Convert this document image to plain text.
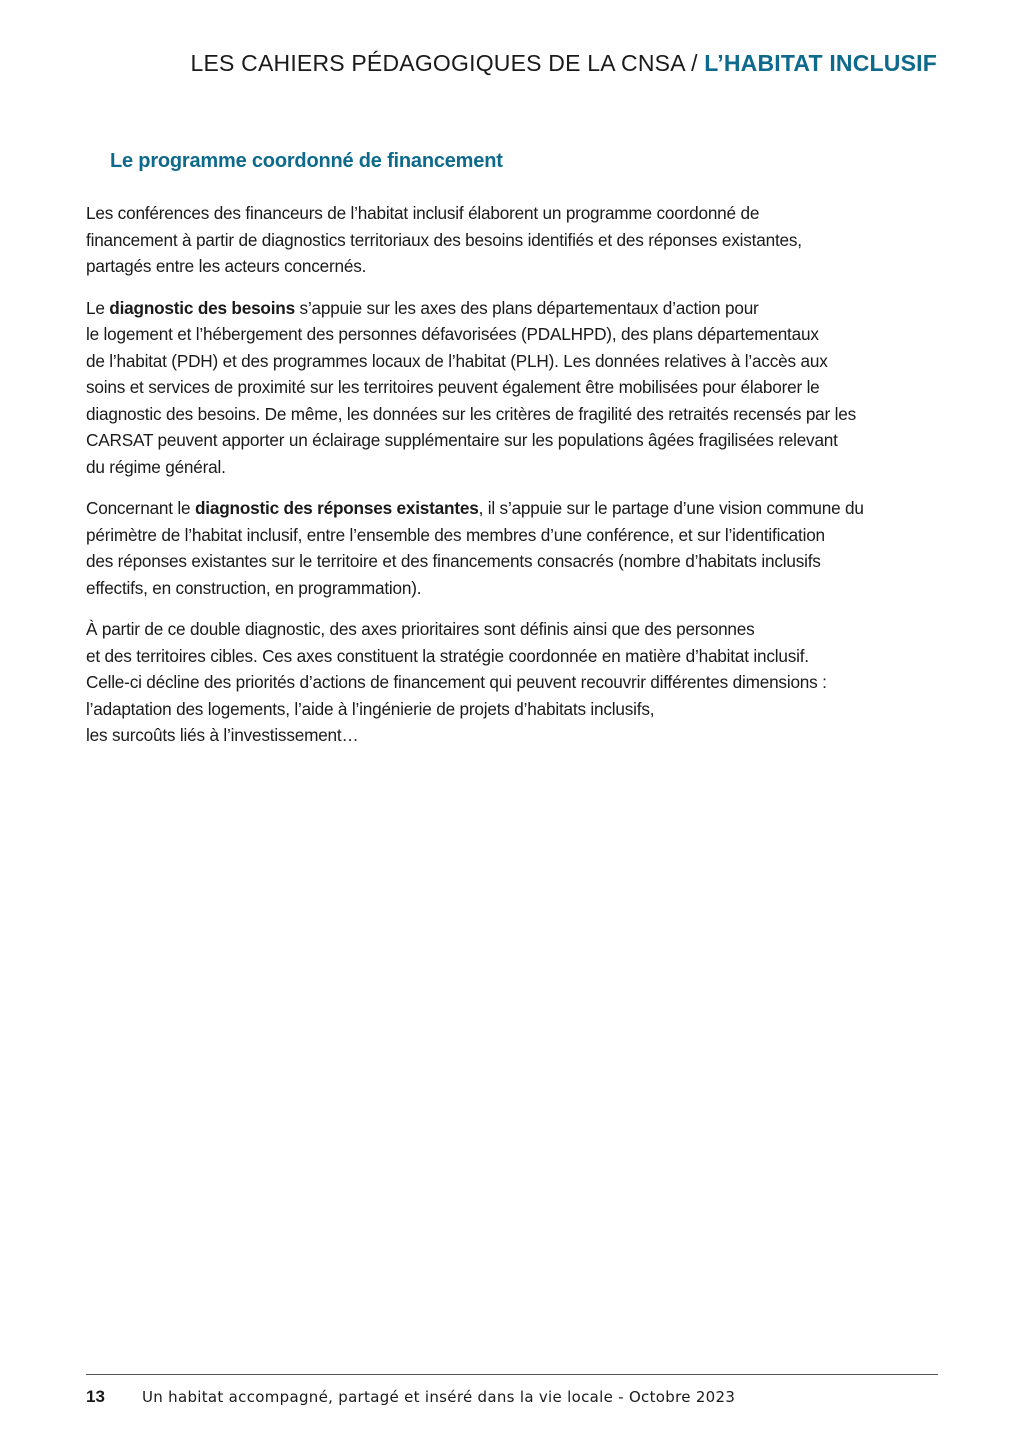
LES CAHIERS PÉDAGOGIQUES DE LA CNSA / L’HABITAT INCLUSIF
Le programme coordonné de financement

Les conférences des financeurs de l’habitat inclusif élaborent un programme coordonné de
financement à partir de diagnostics territoriaux des besoins identifiés et des réponses existantes,
partagés entre les acteurs concernés.

Le diagnostic des besoins s’appuie sur les axes des plans départementaux d’action pour
le logement et l’hébergement des personnes défavorisées (PDALHPD), des plans départementaux
de l’habitat (PDH) et des programmes locaux de l’habitat (PLH). Les données relatives à l’accès aux
soins et services de proximité sur les territoires peuvent également être mobilisées pour élaborer le
diagnostic des besoins. De même, les données sur les critères de fragilité des retraités recensés par les
CARSAT peuvent apporter un éclairage supplémentaire sur les populations âgées fragilisées relevant
du régime général.

Concernant le diagnostic des réponses existantes, il s’appuie sur le partage d’une vision commune du
périmètre de l’habitat inclusif, entre l’ensemble des membres d’une conférence, et sur l’identification
des réponses existantes sur le territoire et des financements consacrés (nombre d’habitats inclusifs
effectifs, en construction, en programmation).

À partir de ce double diagnostic, des axes prioritaires sont définis ainsi que des personnes
et des territoires cibles. Ces axes constituent la stratégie coordonnée en matière d’habitat inclusif.
Celle-ci décline des priorités d’actions de financement qui peuvent recouvrir différentes dimensions :
l’adaptation des logements, l’aide à l’ingénierie de projets d’habitats inclusifs,
les surcoûts liés à l’investissement…

13 Un habitat accompagné, partagé et inséré dans la vie locale - Octobre 2023
